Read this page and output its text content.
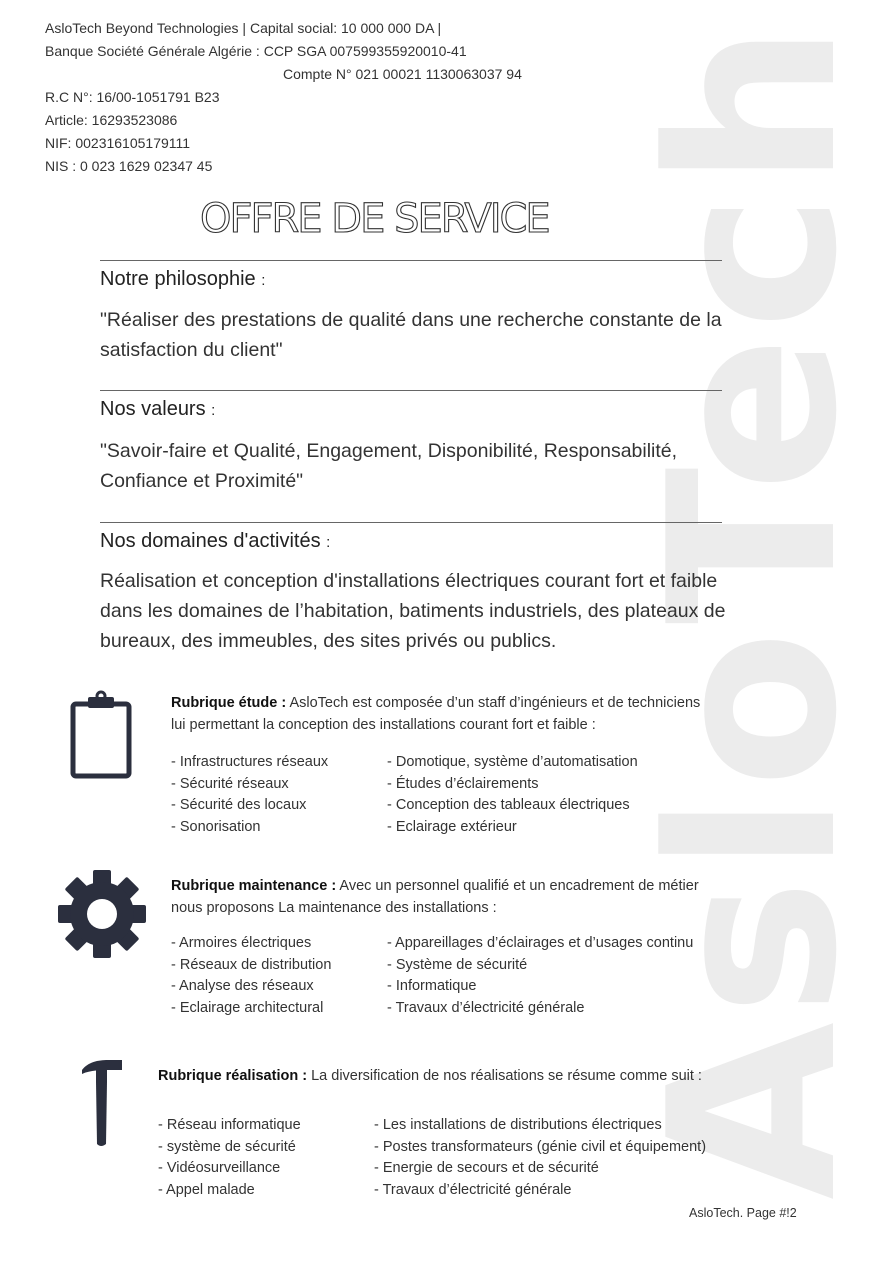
AsloTech
AsloTech Beyond Technologies | Capital social: 10 000 000 DA |
Banque Société Générale Algérie : CCP SGA 007599355920010-41
Compte N° 021 00021 1130063037 94
R.C N°: 16/00-1051791 B23
Article: 16293523086
NIF: 002316105179111
NIS : 0 023 1629 02347 45
OFFRE DE SERVICE
Notre philosophie :
"Réaliser des prestations de qualité dans une recherche constante de la satisfaction du client"
Nos valeurs :
"Savoir-faire et Qualité, Engagement, Disponibilité, Responsabilité, Confiance et Proximité"
Nos domaines d'activités :
Réalisation et conception d'installations électriques courant fort et faible dans les domaines de l’habitation, batiments industriels, des plateaux de bureaux, des immeubles, des sites privés ou publics.
Rubrique étude : AsloTech est composée d’un staff d’ingénieurs et de techniciens lui permettant la conception des installations courant fort et faible :
- Infrastructures réseaux
- Sécurité réseaux
- Sécurité des locaux
- Sonorisation
- Domotique, système d’automatisation
- Études d’éclairements
- Conception des tableaux électriques
- Eclairage extérieur
Rubrique maintenance : Avec un personnel qualifié et un encadrement de métier nous proposons La maintenance des installations :
- Armoires électriques
- Réseaux de distribution
- Analyse des réseaux
- Eclairage architectural
- Appareillages d’éclairages et d’usages continu
- Système de sécurité
- Informatique
- Travaux d’électricité générale
Rubrique réalisation : La diversification de nos réalisations se résume comme suit :
- Réseau informatique
- système de sécurité
- Vidéosurveillance
- Appel malade
- Les installations de distributions électriques
- Postes transformateurs (génie civil et équipement)
- Energie de secours et de sécurité
- Travaux d’électricité générale
AsloTech. Page #!2
